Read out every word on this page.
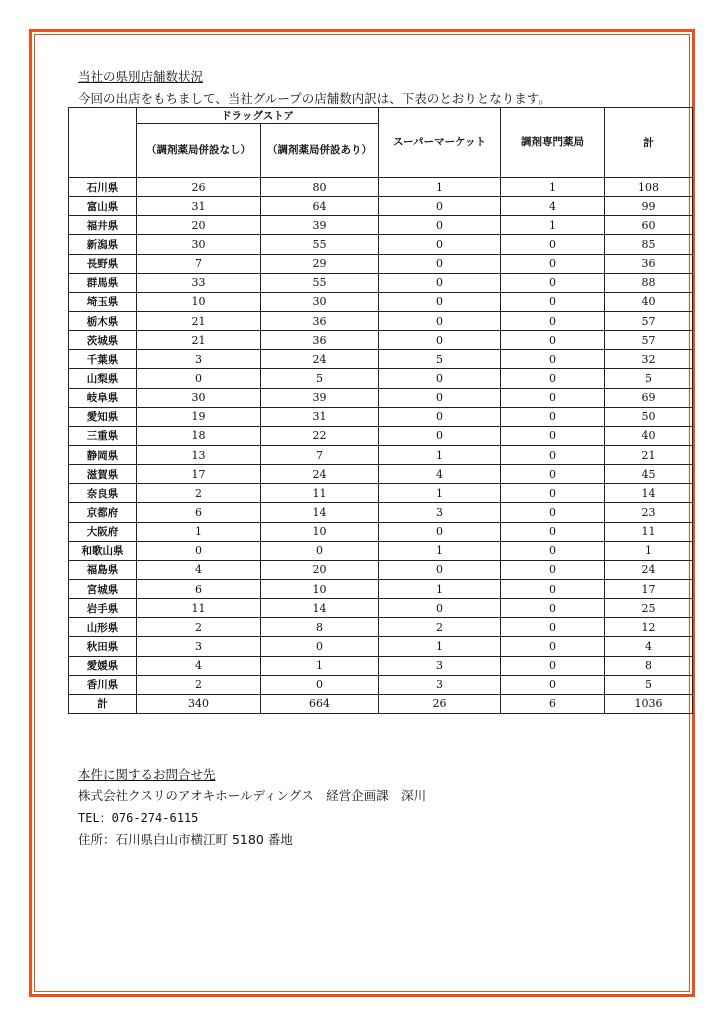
当社の県別店舗数状況
今回の出店をもちまして、当社グループの店舗数内訳は、下表のとおりとなります。
	ドラッグストア		スーパーマーケット	調剤専門薬局	計
	（調剤薬局併設なし）	（調剤薬局併設あり）			
石川県	26	80	1	1	108
富山県	31	64	0	4	99
福井県	20	39	0	1	60
新潟県	30	55	0	0	85
長野県	7	29	0	0	36
群馬県	33	55	0	0	88
埼玉県	10	30	0	0	40
栃木県	21	36	0	0	57
茨城県	21	36	0	0	57
千葉県	3	24	5	0	32
山梨県	0	5	0	0	5
岐阜県	30	39	0	0	69
愛知県	19	31	0	0	50
三重県	18	22	0	0	40
静岡県	13	7	1	0	21
滋賀県	17	24	4	0	45
奈良県	2	11	1	0	14
京都府	6	14	3	0	23
大阪府	1	10	0	0	11
和歌山県	0	0	1	0	1
福島県	4	20	0	0	24
宮城県	6	10	1	0	17
岩手県	11	14	0	0	25
山形県	2	8	2	0	12
秋田県	3	0	1	0	4
愛媛県	4	1	3	0	8
香川県	2	0	3	0	5
計	340	664	26	6	1036
本件に関するお問合せ先
株式会社クスリのアオキホールディングス　経営企画課　深川
TEL：076-274-6115
住所：石川県白山市横江町 5180 番地
